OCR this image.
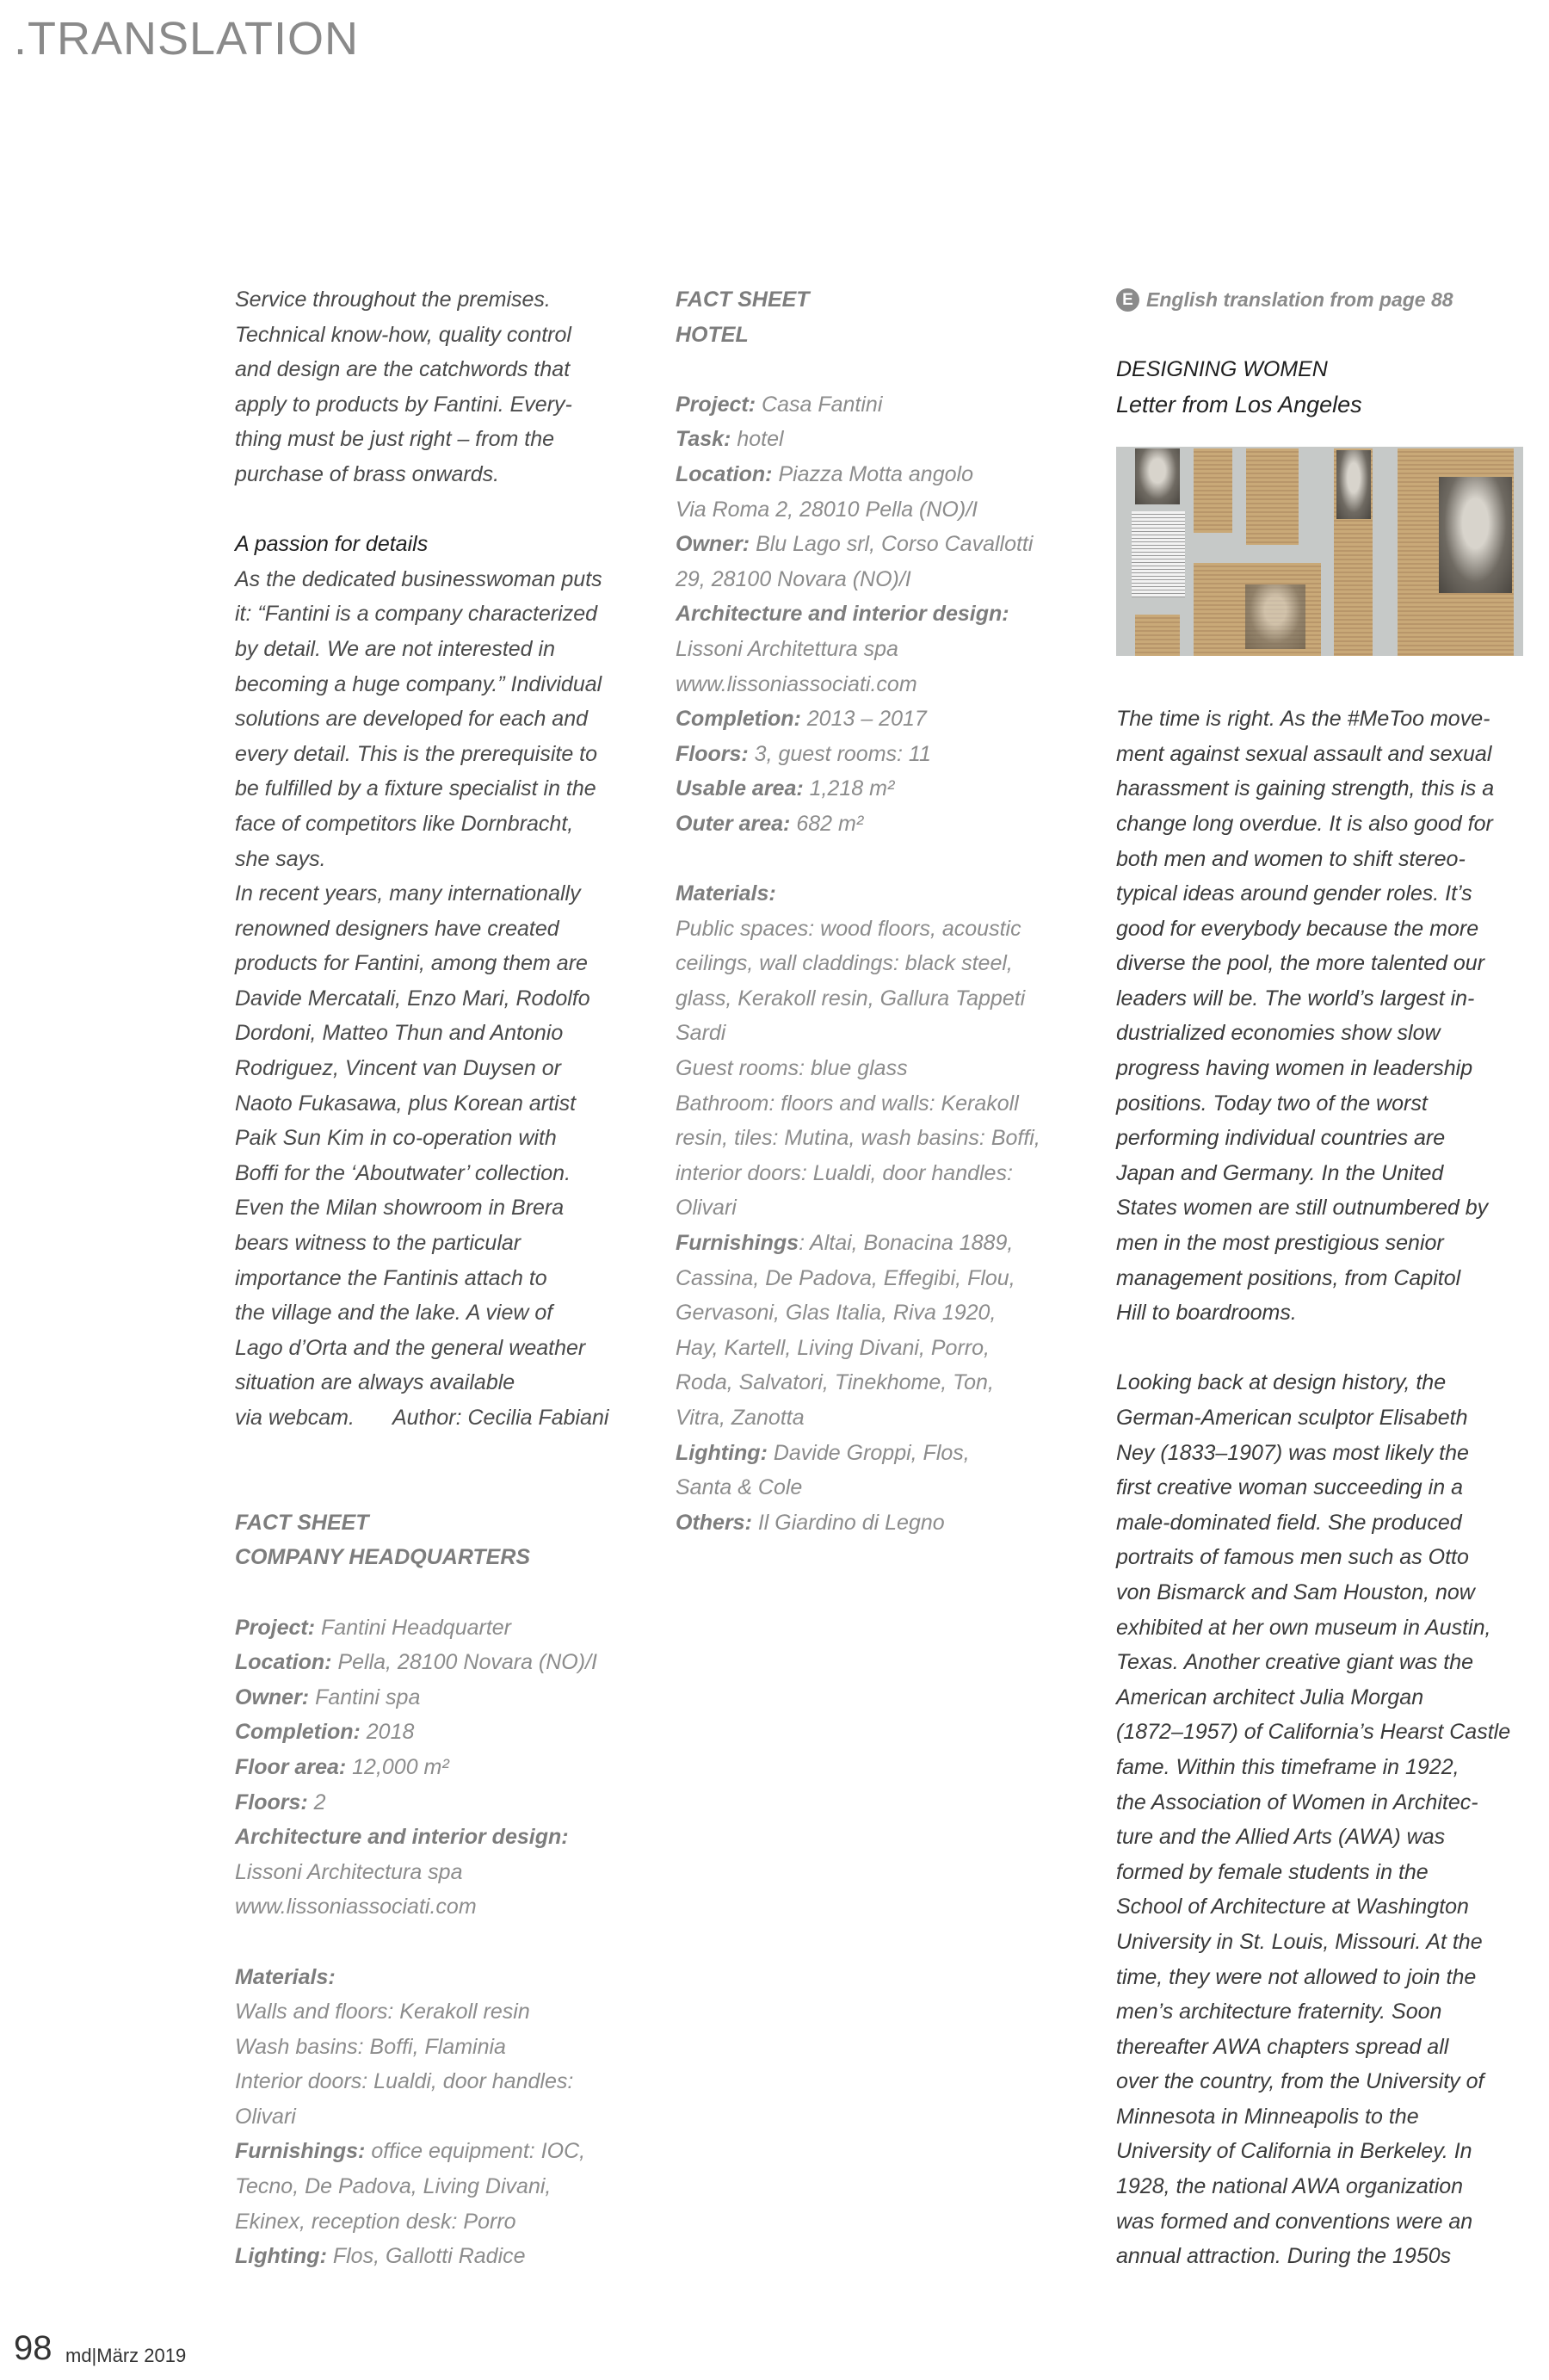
.TRANSLATION
Service throughout the premises.
Technical know-how, quality control
and design are the catchwords that
apply to products by Fantini. Every-
thing must be just right – from the
purchase of brass onwards.
A passion for details
As the dedicated businesswoman puts
it: “Fantini is a company characterized
by detail. We are not interested in
becoming a huge company.” Individual
solutions are developed for each and
every detail. This is the prerequisite to
be fulfilled by a fixture specialist in the
face of competitors like Dornbracht,
she says.
In recent years, many internationally
renowned designers have created
products for Fantini, among them are
Davide Mercatali, Enzo Mari, Rodolfo
Dordoni, Matteo Thun and Antonio
Rodriguez, Vincent van Duysen or
Naoto Fukasawa, plus Korean artist
Paik Sun Kim in co-operation with
Boffi for the ‘Aboutwater’ collection.
Even the Milan showroom in Brera
bears witness to the particular
importance the Fantinis attach to
the village and the lake. A view of
Lago d’Orta and the general weather
situation are always available
via webcam. Author: Cecilia Fabiani
FACT SHEET
COMPANY HEADQUARTERS
Project: Fantini Headquarter
Location: Pella, 28100 Novara (NO)/I
Owner: Fantini spa
Completion: 2018
Floor area: 12,000 m²
Floors: 2
Architecture and interior design:
Lissoni Architectura spa
www.lissoniassociati.com
Materials:
Walls and floors: Kerakoll resin
Wash basins: Boffi, Flaminia
Interior doors: Lualdi, door handles:
Olivari
Furnishings: office equipment: IOC,
Tecno, De Padova, Living Divani,
Ekinex, reception desk: Porro
Lighting: Flos, Gallotti Radice
FACT SHEET
HOTEL
Project: Casa Fantini
Task: hotel
Location: Piazza Motta angolo
Via Roma 2, 28010 Pella (NO)/I
Owner: Blu Lago srl, Corso Cavallotti
29, 28100 Novara (NO)/I
Architecture and interior design:
Lissoni Architettura spa
www.lissoniassociati.com
Completion: 2013 – 2017
Floors: 3, guest rooms: 11
Usable area: 1,218 m²
Outer area: 682 m²
Materials:
Public spaces: wood floors, acoustic
ceilings, wall claddings: black steel,
glass, Kerakoll resin, Gallura Tappeti
Sardi
Guest rooms: blue glass
Bathroom: floors and walls: Kerakoll
resin, tiles: Mutina, wash basins: Boffi,
interior doors: Lualdi, door handles:
Olivari
Furnishings: Altai, Bonacina 1889,
Cassina, De Padova, Effegibi, Flou,
Gervasoni, Glas Italia, Riva 1920,
Hay, Kartell, Living Divani, Porro,
Roda, Salvatori, Tinekhome, Ton,
Vitra, Zanotta
Lighting: Davide Groppi, Flos,
Santa & Cole
Others: Il Giardino di Legno
E English translation from page 88
DESIGNING WOMEN
Letter from Los Angeles
The time is right. As the #MeToo move-
ment against sexual assault and sexual
harassment is gaining strength, this is a
change long overdue. It is also good for
both men and women to shift stereo-
typical ideas around gender roles. It’s
good for everybody because the more
diverse the pool, the more talented our
leaders will be. The world’s largest in-
dustrialized economies show slow
progress having women in leadership
positions. Today two of the worst
performing individual countries are
Japan and Germany. In the United
States women are still outnumbered by
men in the most prestigious senior
management positions, from Capitol
Hill to boardrooms.
Looking back at design history, the
German-American sculptor Elisabeth
Ney (1833–1907) was most likely the
first creative woman succeeding in a
male-dominated field. She produced
portraits of famous men such as Otto
von Bismarck and Sam Houston, now
exhibited at her own museum in Austin,
Texas. Another creative giant was the
American architect Julia Morgan
(1872–1957) of California’s Hearst Castle
fame. Within this timeframe in 1922,
the Association of Women in Architec-
ture and the Allied Arts (AWA) was
formed by female students in the
School of Architecture at Washington
University in St. Louis, Missouri. At the
time, they were not allowed to join the
men’s architecture fraternity. Soon
thereafter AWA chapters spread all
over the country, from the University of
Minnesota in Minneapolis to the
University of California in Berkeley. In
1928, the national AWA organization
was formed and conventions were an
annual attraction. During the 1950s
98 md|März 2019
